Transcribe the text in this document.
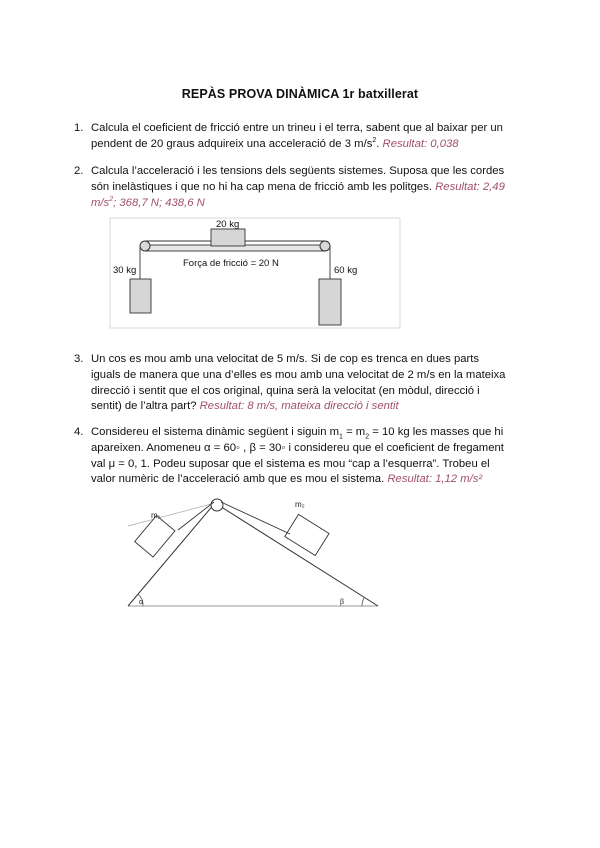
REPÀS PROVA DINÀMICA 1r batxillerat
1. Calcula el coeficient de fricció entre un trineu i el terra, sabent que al baixar per un pendent de 20 graus adquireix una acceleració de 3 $m/s^2$. Resultat: 0,038
2. Calcula l’acceleració i les tensions dels següents sistemes. Suposa que les cordes són inelàstiques i que no hi ha cap mena de fricció amb les politges. Resultat: 2,49 $m/s^2$; 368,7 N; 438,6 N
20 kg
30 kg	60 kg
Força de fricció = 20 N
3. Un cos es mou amb una velocitat de 5 m/s. Si de cop es trenca en dues parts iguals de manera que una d’elles es mou amb una velocitat de 2 m/s en la mateixa direcció i sentit que el cos original, quina serà la velocitat (en mòdul, direcció i sentit) de l’altra part? Resultat: 8 m/s, mateixa direcció i sentit
4. Considereu el sistema dinàmic següent i siguin $m_1 = m_2 = 10$ kg les masses que hi apareixen. Anomeneu α = 60◦ , β = 30◦ i considereu que el coeficient de fregament val μ = 0, 1. Podeu suposar que el sistema es mou “cap a l’esquerra”. Trobeu el valor numèric de l’acceleració amb que es mou el sistema. Resultat: 1,12 m/s²
m₁
m₂
α	β
